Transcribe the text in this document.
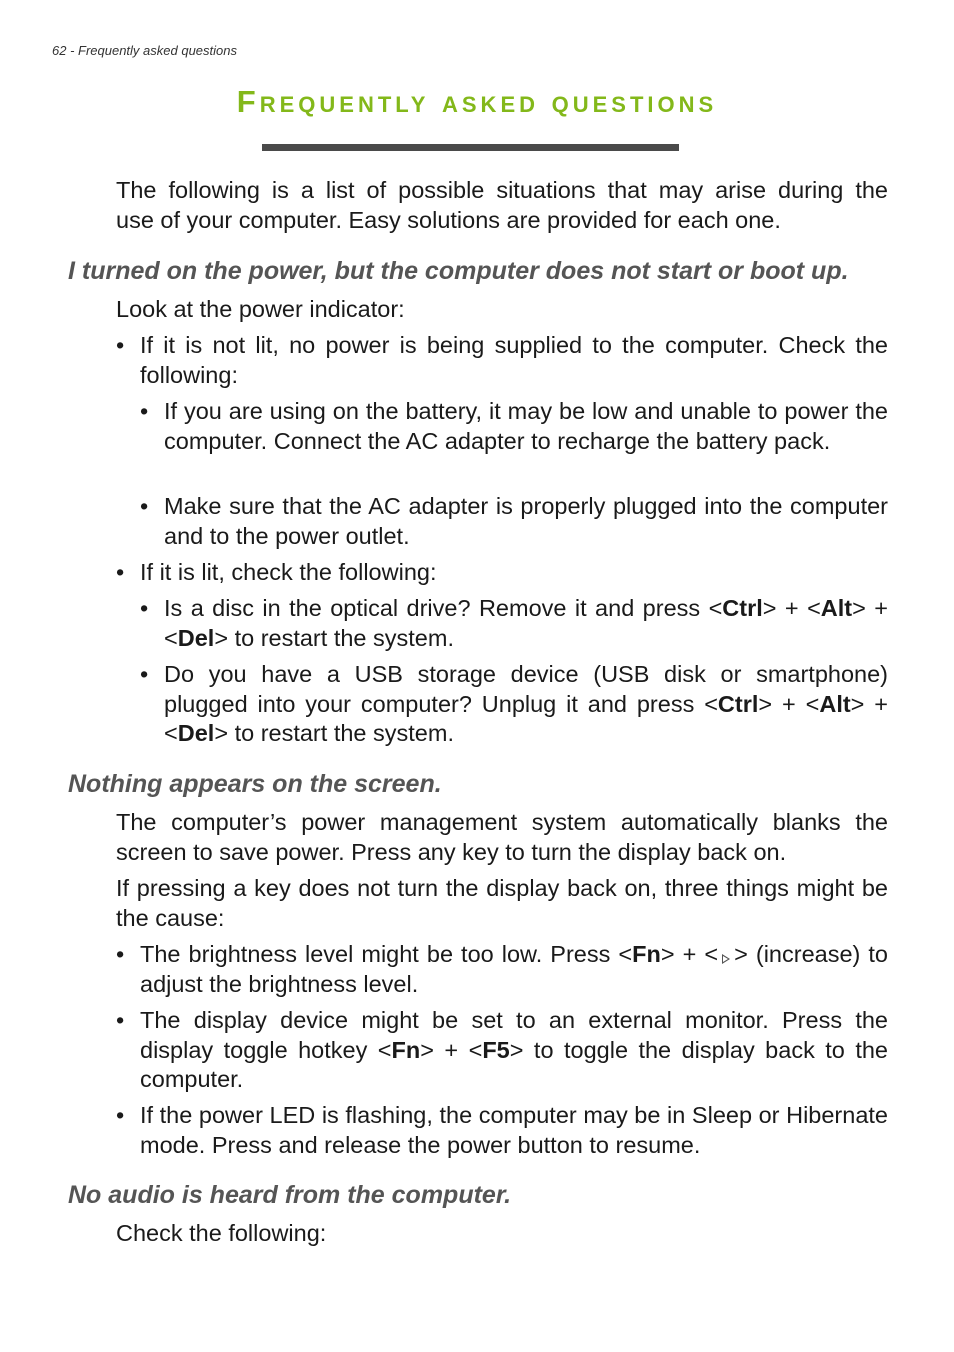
62 - Frequently asked questions
Frequently asked questions

The following is a list of possible situations that may arise during the

use of your computer. Easy solutions are provided for each one.

I turned on the power, but the computer does not start or boot up.

Look at the power indicator:

• If it is not lit, no power is being supplied to the computer. Check the following:

• If you are using on the battery, it may be low and unable to power the computer. Connect the AC adapter to recharge the battery pack.

• Make sure that the AC adapter is properly plugged into the computer and to the power outlet.

• If it is lit, check the following:

• Is a disc in the optical drive? Remove it and press <Ctrl> + <Alt> + <Del> to restart the system.

• Do you have a USB storage device (USB disk or smartphone) plugged into your computer? Unplug it and press <Ctrl> + <Alt> + <Del> to restart the system.

Nothing appears on the screen.

The computer’s power management system automatically blanks the screen to save power. Press any key to turn the display back on.

If pressing a key does not turn the display back on, three things might be the cause:

• The brightness level might be too low. Press <Fn> + < > (increase) to adjust the brightness level.

• The display device might be set to an external monitor. Press the display toggle hotkey <Fn> + <F5> to toggle the display back to the computer.

• If the power LED is flashing, the computer may be in Sleep or Hibernate mode. Press and release the power button to resume.

No audio is heard from the computer.

Check the following:
